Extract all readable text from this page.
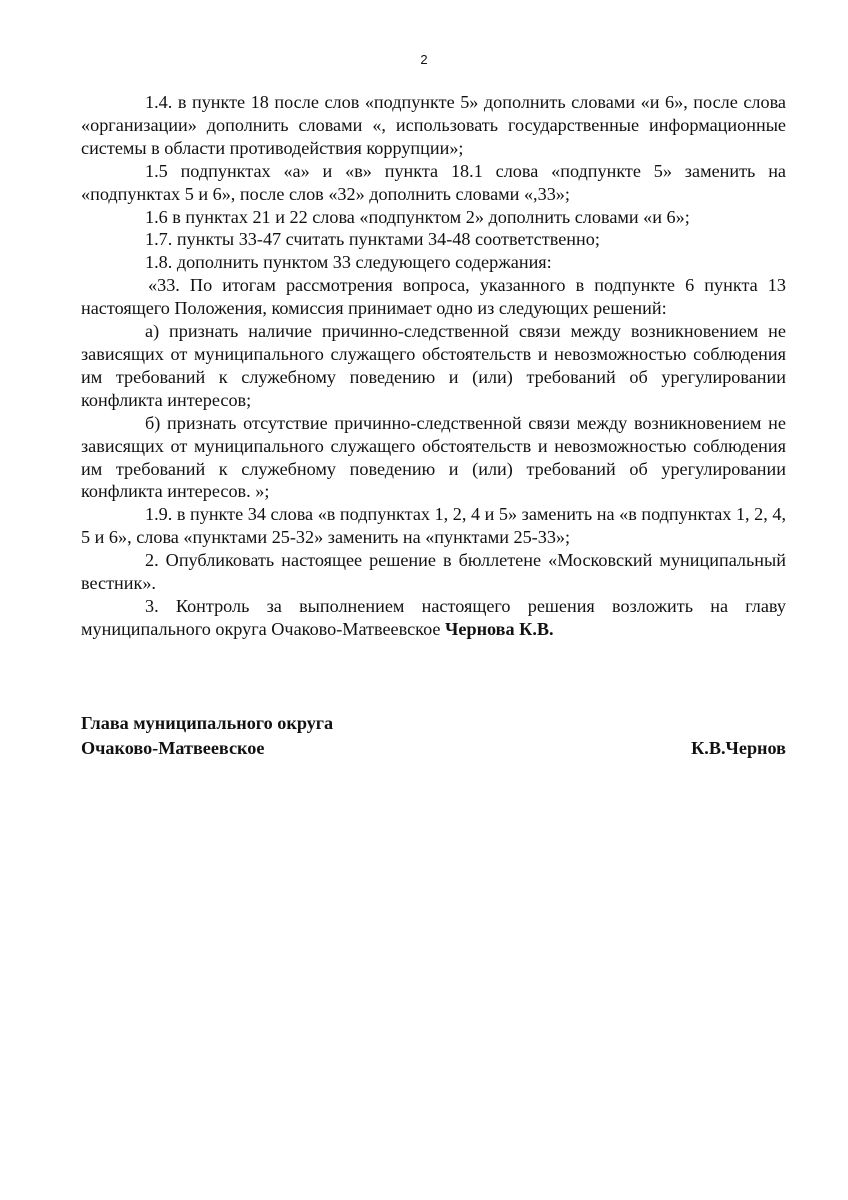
2

1.4. в пункте 18 после слов «подпункте 5» дополнить словами «и 6», после слова «организации» дополнить словами «, использовать государственные информационные системы в области противодействия коррупции»;

1.5 подпунктах «а» и «в» пункта 18.1 слова «подпункте 5» заменить на «подпунктах 5 и 6», после слов «32» дополнить словами «,33»;

1.6 в пунктах 21 и 22 слова «подпунктом 2» дополнить словами «и 6»;

1.7. пункты 33-47 считать пунктами 34-48 соответственно;

1.8. дополнить пунктом 33 следующего содержания:

«33. По итогам рассмотрения вопроса, указанного в подпункте 6 пункта 13 настоящего Положения, комиссия принимает одно из следующих решений:

а) признать наличие причинно-следственной связи между возникновением не зависящих от муниципального служащего обстоятельств и невозможностью соблюдения им требований к служебному поведению и (или) требований об урегулировании конфликта интересов;

б) признать отсутствие причинно-следственной связи между возникновением не зависящих от муниципального служащего обстоятельств и невозможностью соблюдения им требований к служебному поведению и (или) требований об урегулировании конфликта интересов. »;

1.9. в пункте 34 слова «в подпунктах 1, 2, 4 и 5» заменить на «в подпунктах 1, 2, 4, 5 и 6», слова «пунктами 25-32» заменить на «пунктами 25-33»;

2. Опубликовать настоящее решение в бюллетене «Московский муниципальный вестник».

3. Контроль за выполнением настоящего решения возложить на главу муниципального округа Очаково-Матвеевское Чернова К.В.

Глава муниципального округа
Очаково-Матвеевское	К.В.Чернов
